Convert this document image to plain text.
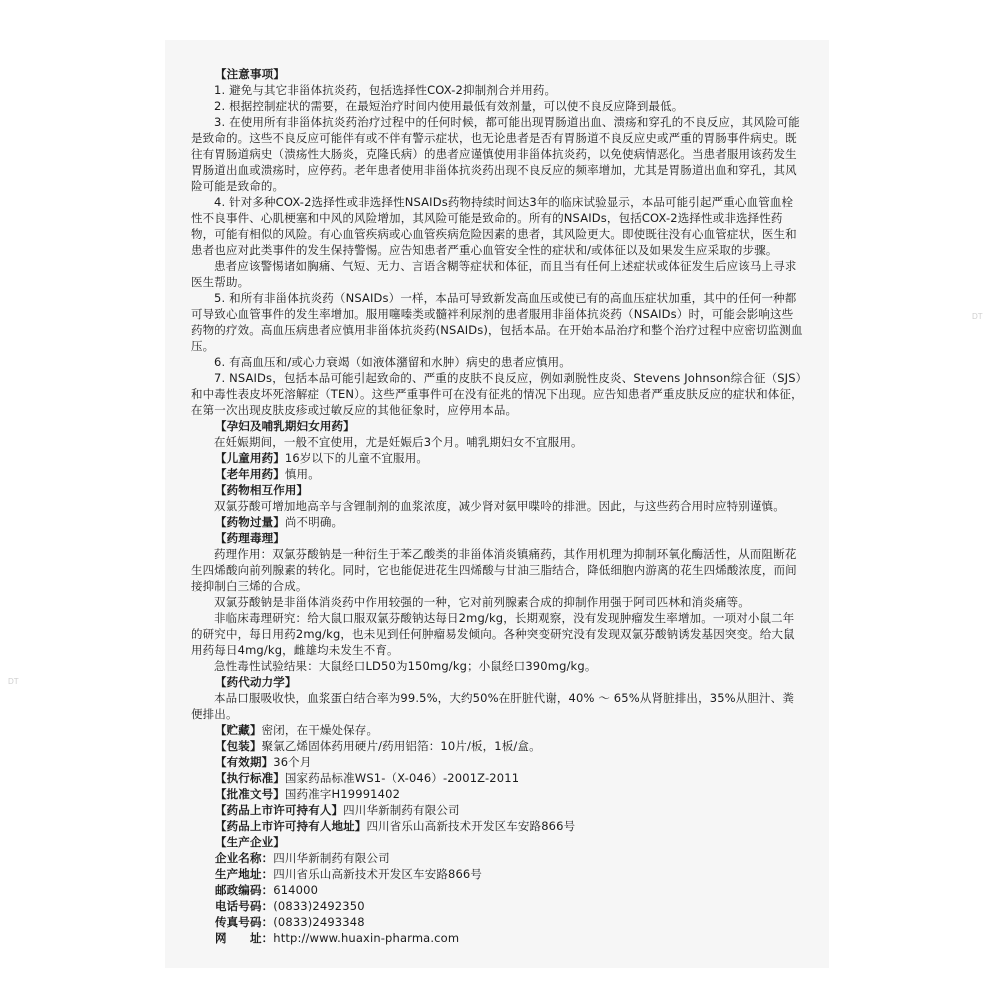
DT
DT

【注意事项】

1. 避免与其它非甾体抗炎药，包括选择性COX-2抑制剂合并用药。

2. 根据控制症状的需要，在最短治疗时间内使用最低有效剂量，可以使不良反应降到最低。

3. 在使用所有非甾体抗炎药治疗过程中的任何时候，都可能出现胃肠道出血、溃疡和穿孔的不良反应，其风险可能是致命的。这些不良反应可能伴有或不伴有警示症状，也无论患者是否有胃肠道不良反应史或严重的胃肠事件病史。既往有胃肠道病史（溃疡性大肠炎，克隆氏病）的患者应谨慎使用非甾体抗炎药，以免使病情恶化。当患者服用该药发生胃肠道出血或溃疡时，应停药。老年患者使用非甾体抗炎药出现不良反应的频率增加，尤其是胃肠道出血和穿孔，其风险可能是致命的。

4. 针对多种COX-2选择性或非选择性NSAIDs药物持续时间达3年的临床试验显示，本品可能引起严重心血管血栓性不良事件、心肌梗塞和中风的风险增加，其风险可能是致命的。所有的NSAIDs，包括COX-2选择性或非选择性药物，可能有相似的风险。有心血管疾病或心血管疾病危险因素的患者，其风险更大。即使既往没有心血管症状，医生和患者也应对此类事件的发生保持警惕。应告知患者严重心血管安全性的症状和/或体征以及如果发生应采取的步骤。

患者应该警惕诸如胸痛、气短、无力、言语含糊等症状和体征，而且当有任何上述症状或体征发生后应该马上寻求医生帮助。

5. 和所有非甾体抗炎药（NSAIDs）一样，本品可导致新发高血压或使已有的高血压症状加重，其中的任何一种都可导致心血管事件的发生率增加。服用噻嗪类或髓袢利尿剂的患者服用非甾体抗炎药（NSAIDs）时，可能会影响这些药物的疗效。高血压病患者应慎用非甾体抗炎药(NSAIDs)，包括本品。在开始本品治疗和整个治疗过程中应密切监测血压。

6. 有高血压和/或心力衰竭（如液体潴留和水肿）病史的患者应慎用。

7. NSAIDs，包括本品可能引起致命的、严重的皮肤不良反应，例如剥脱性皮炎、Stevens Johnson综合征（SJS）和中毒性表皮坏死溶解症（TEN）。这些严重事件可在没有征兆的情况下出现。应告知患者严重皮肤反应的症状和体征，在第一次出现皮肤皮疹或过敏反应的其他征象时，应停用本品。

【孕妇及哺乳期妇女用药】

在妊娠期间，一般不宜使用，尤是妊娠后3个月。哺乳期妇女不宜服用。

【儿童用药】16岁以下的儿童不宜服用。

【老年用药】慎用。

【药物相互作用】

双氯芬酸可增加地高辛与含锂制剂的血浆浓度，减少肾对氨甲喋呤的排泄。因此，与这些药合用时应特别谨慎。

【药物过量】尚不明确。

【药理毒理】

药理作用：双氯芬酸钠是一种衍生于苯乙酸类的非甾体消炎镇痛药，其作用机理为抑制环氧化酶活性，从而阻断花生四烯酸向前列腺素的转化。同时，它也能促进花生四烯酸与甘油三脂结合，降低细胞内游离的花生四烯酸浓度，而间接抑制白三烯的合成。

双氯芬酸钠是非甾体消炎药中作用较强的一种，它对前列腺素合成的抑制作用强于阿司匹林和消炎痛等。

非临床毒理研究：给大鼠口服双氯芬酸钠达每日2mg/kg，长期观察，没有发现肿瘤发生率增加。一项对小鼠二年的研究中，每日用药2mg/kg，也未见到任何肿瘤易发倾向。各种突变研究没有发现双氯芬酸钠诱发基因突变。给大鼠用药每日4mg/kg，雌雄均未发生不育。

急性毒性试验结果：大鼠经口LD50为150mg/kg；小鼠经口390mg/kg。

【药代动力学】

本品口服吸收快，血浆蛋白结合率为99.5%，大约50%在肝脏代谢，40% ～ 65%从肾脏排出，35%从胆汁、粪便排出。

【贮藏】密闭，在干燥处保存。

【包装】聚氯乙烯固体药用硬片/药用铝箔：10片/板，1板/盒。

【有效期】36个月

【执行标准】国家药品标准WS1-（X-046）-2001Z-2011

【批准文号】国药准字H19991402

【药品上市许可持有人】四川华新制药有限公司

【药品上市许可持有人地址】四川省乐山高新技术开发区车安路866号

【生产企业】

企业名称：四川华新制药有限公司

生产地址：四川省乐山高新技术开发区车安路866号

邮政编码：614000

电话号码：(0833)2492350

传真号码：(0833)2493348

网　　址：http://www.huaxin-pharma.com
